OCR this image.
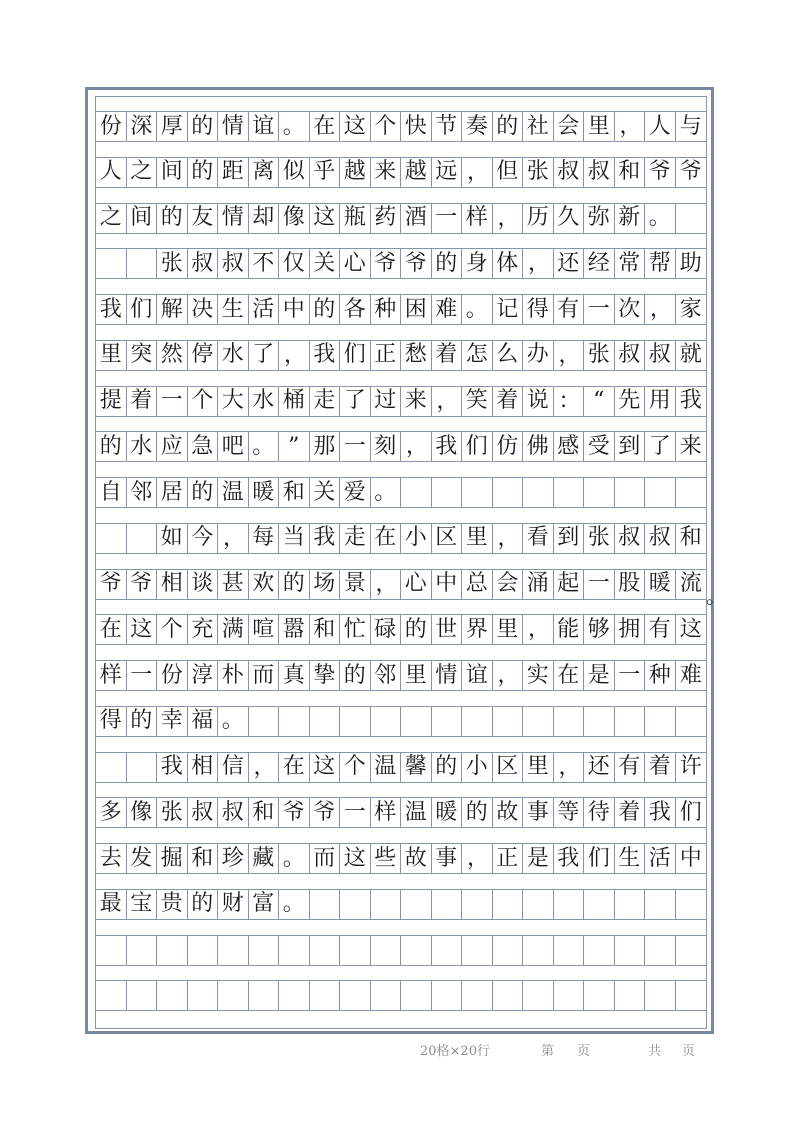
份 深 厚 的 情 谊 。 在 这 个 快 节 奏 的 社 会 里 ， 人 与
人 之 间 的 距 离 似 乎 越 来 越 远 ， 但 张 叔 叔 和 爷 爷
之 间 的 友 情 却 像 这 瓶 药 酒 一 样 ， 历 久 弥 新 。
张 叔 叔 不 仅 关 心 爷 爷 的 身 体 ， 还 经 常 帮 助
我 们 解 决 生 活 中 的 各 种 困 难 。 记 得 有 一 次 ， 家
里 突 然 停 水 了 ， 我 们 正 愁 着 怎 么 办 ， 张 叔 叔 就
提 着 一 个 大 水 桶 走 了 过 来 ， 笑 着 说 ： “ 先 用 我
的 水 应 急 吧 。 ” 那 一 刻 ， 我 们 仿 佛 感 受 到 了 来
自 邻 居 的 温 暖 和 关 爱 。
如 今 ， 每 当 我 走 在 小 区 里 ， 看 到 张 叔 叔 和
爷 爷 相 谈 甚 欢 的 场 景 ， 心 中 总 会 涌 起 一 股 暖 流
在 这 个 充 满 喧 嚣 和 忙 碌 的 世 界 里 ， 能 够 拥 有 这
样 一 份 淳 朴 而 真 挚 的 邻 里 情 谊 ， 实 在 是 一 种 难
得 的 幸 福 。
我 相 信 ， 在 这 个 温 馨 的 小 区 里 ， 还 有 着 许
多 像 张 叔 叔 和 爷 爷 一 样 温 暖 的 故 事 等 待 着 我 们
去 发 掘 和 珍 藏 。 而 这 些 故 事 ， 正 是 我 们 生 活 中
最 宝 贵 的 财 富 。
。
20格×20行	第 页	共 页
